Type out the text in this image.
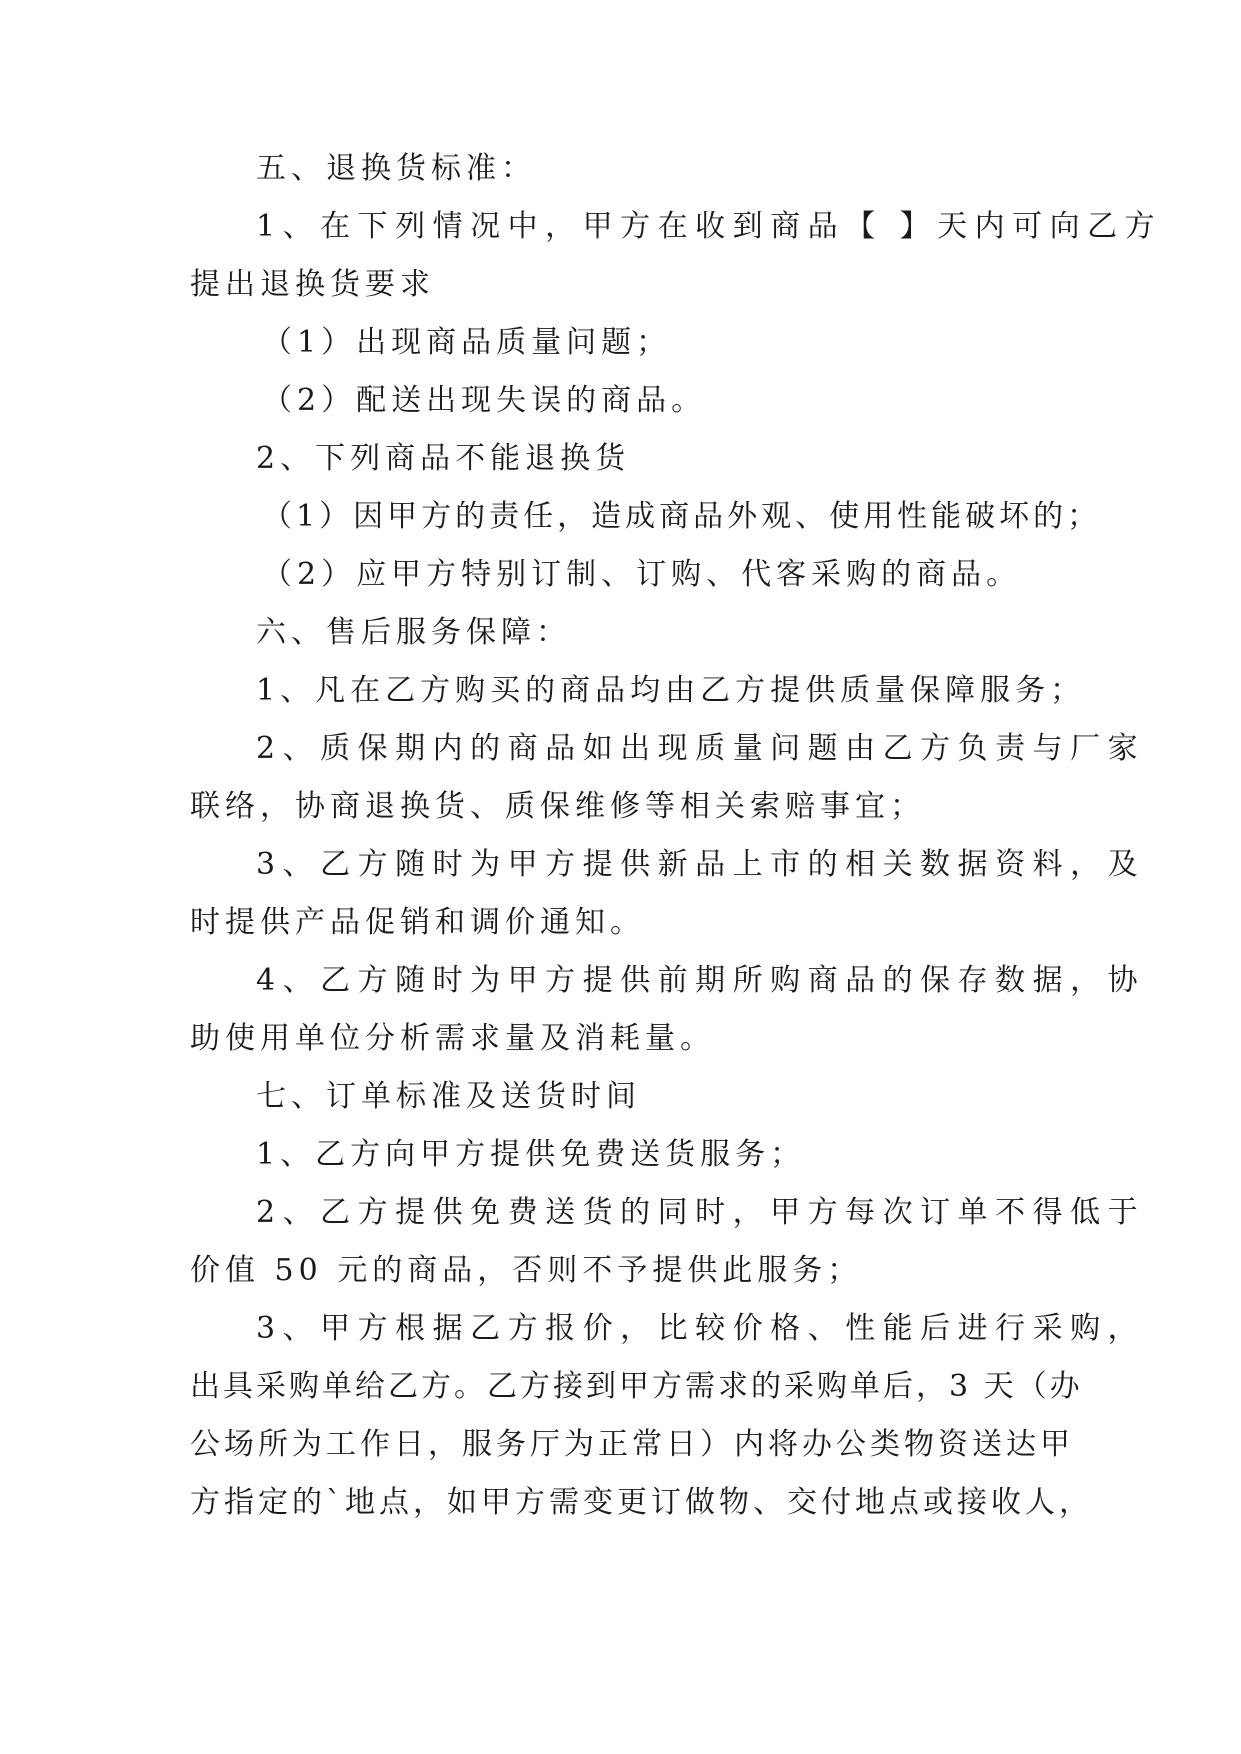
五、退换货标准：
1、在下列情况中，甲方在收到商品【 】天内可向乙方
提出退换货要求
（1）出现商品质量问题；
（2）配送出现失误的商品。
2、下列商品不能退换货
（1）因甲方的责任，造成商品外观、使用性能破坏的；
（2）应甲方特别订制、订购、代客采购的商品。
六、售后服务保障：
1、凡在乙方购买的商品均由乙方提供质量保障服务；
2、质保期内的商品如出现质量问题由乙方负责与厂家
联络，协商退换货、质保维修等相关索赔事宜；
3、乙方随时为甲方提供新品上市的相关数据资料，及
时提供产品促销和调价通知。
4、乙方随时为甲方提供前期所购商品的保存数据，协
助使用单位分析需求量及消耗量。
七、订单标准及送货时间
1、乙方向甲方提供免费送货服务；
2、乙方提供免费送货的同时，甲方每次订单不得低于
价值 50 元的商品，否则不予提供此服务；
3、甲方根据乙方报价，比较价格、性能后进行采购，
出具采购单给乙方。乙方接到甲方需求的采购单后，3 天（办
公场所为工作日，服务厅为正常日）内将办公类物资送达甲
方指定的`地点，如甲方需变更订做物、交付地点或接收人，
